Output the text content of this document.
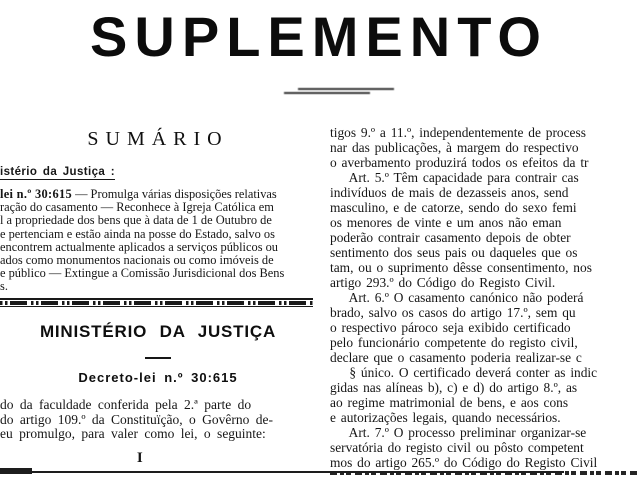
SUPLEMENTO
SUMÁRIO
istério da Justiça :
lei n.º 30:615 — Promulga várias disposições relativas
ração do casamento — Reconhece à Igreja Católica em
l a propriedade dos bens que à data de 1 de Outubro de
e pertenciam e estão ainda na posse do Estado, salvo os
encontrem actualmente aplicados a serviços públicos ou
ados como monumentos nacionais ou como imóveis de
e público — Extingue a Comissão Jurisdicional dos Bens
s.
MINISTÉRIO DA JUSTIÇA
Decreto-lei n.º 30:615
do da faculdade conferida pela 2.ª parte do
do artigo 109.º da Constituïção, o Govêrno de-
eu promulgo, para valer como lei, o seguinte:
I
tigos 9.º a 11.º, independentemente de process
nar das publicações, à margem do respectivo
o averbamento produzirá todos os efeitos da tr
Art. 5.º Têm capacidade para contrair cas
indivíduos de mais de dezasseis anos, send
masculino, e de catorze, sendo do sexo femi
os menores de vinte e um anos não eman
poderão contrair casamento depois de obter
sentimento dos seus pais ou daqueles que os
tam, ou o suprimento dêsse consentimento, nos
artigo 293.º do Código do Registo Civil.
Art. 6.º O casamento canónico não poderá
brado, salvo os casos do artigo 17.º, sem qu
o respectivo pároco seja exibido certificado
pelo funcionário competente do registo civil,
declare que o casamento poderia realizar-se c
§ único. O certificado deverá conter as indic
gidas nas alíneas b), c) e d) do artigo 8.º, as
ao regime matrimonial de bens, e aos cons
e autorizações legais, quando necessários.
Art. 7.º O processo preliminar organizar-se
servatória do registo civil ou pôsto competent
mos do artigo 265.º do Código do Registo Civil
